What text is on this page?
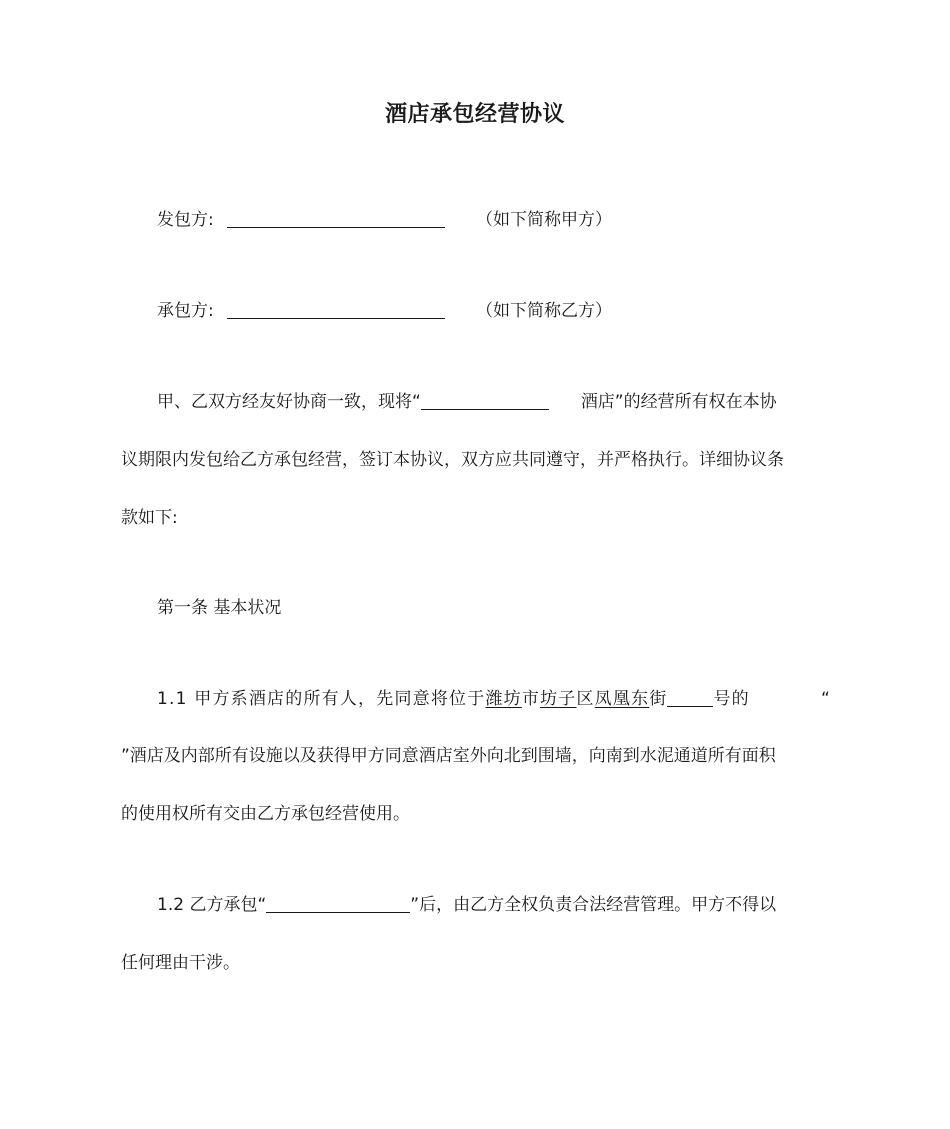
酒店承包经营协议
发包方:	（如下简称甲方）
承包方:	（如下简称乙方）
甲、乙双方经友好协商一致，现将“	酒店”的经营所有权在本协
议期限内发包给乙方承包经营，签订本协议，双方应共同遵守，并严格执行。详细协议条
款如下:
第一条 基本状况
1.1 甲方系酒店的所有人，先同意将位于潍坊市坊子区凤凰东街	号的	“
”酒店及内部所有设施以及获得甲方同意酒店室外向北到围墙，向南到水泥通道所有面积
的使用权所有交由乙方承包经营使用。
1.2 乙方承包“	”后，由乙方全权负责合法经营管理。甲方不得以
任何理由干涉。
